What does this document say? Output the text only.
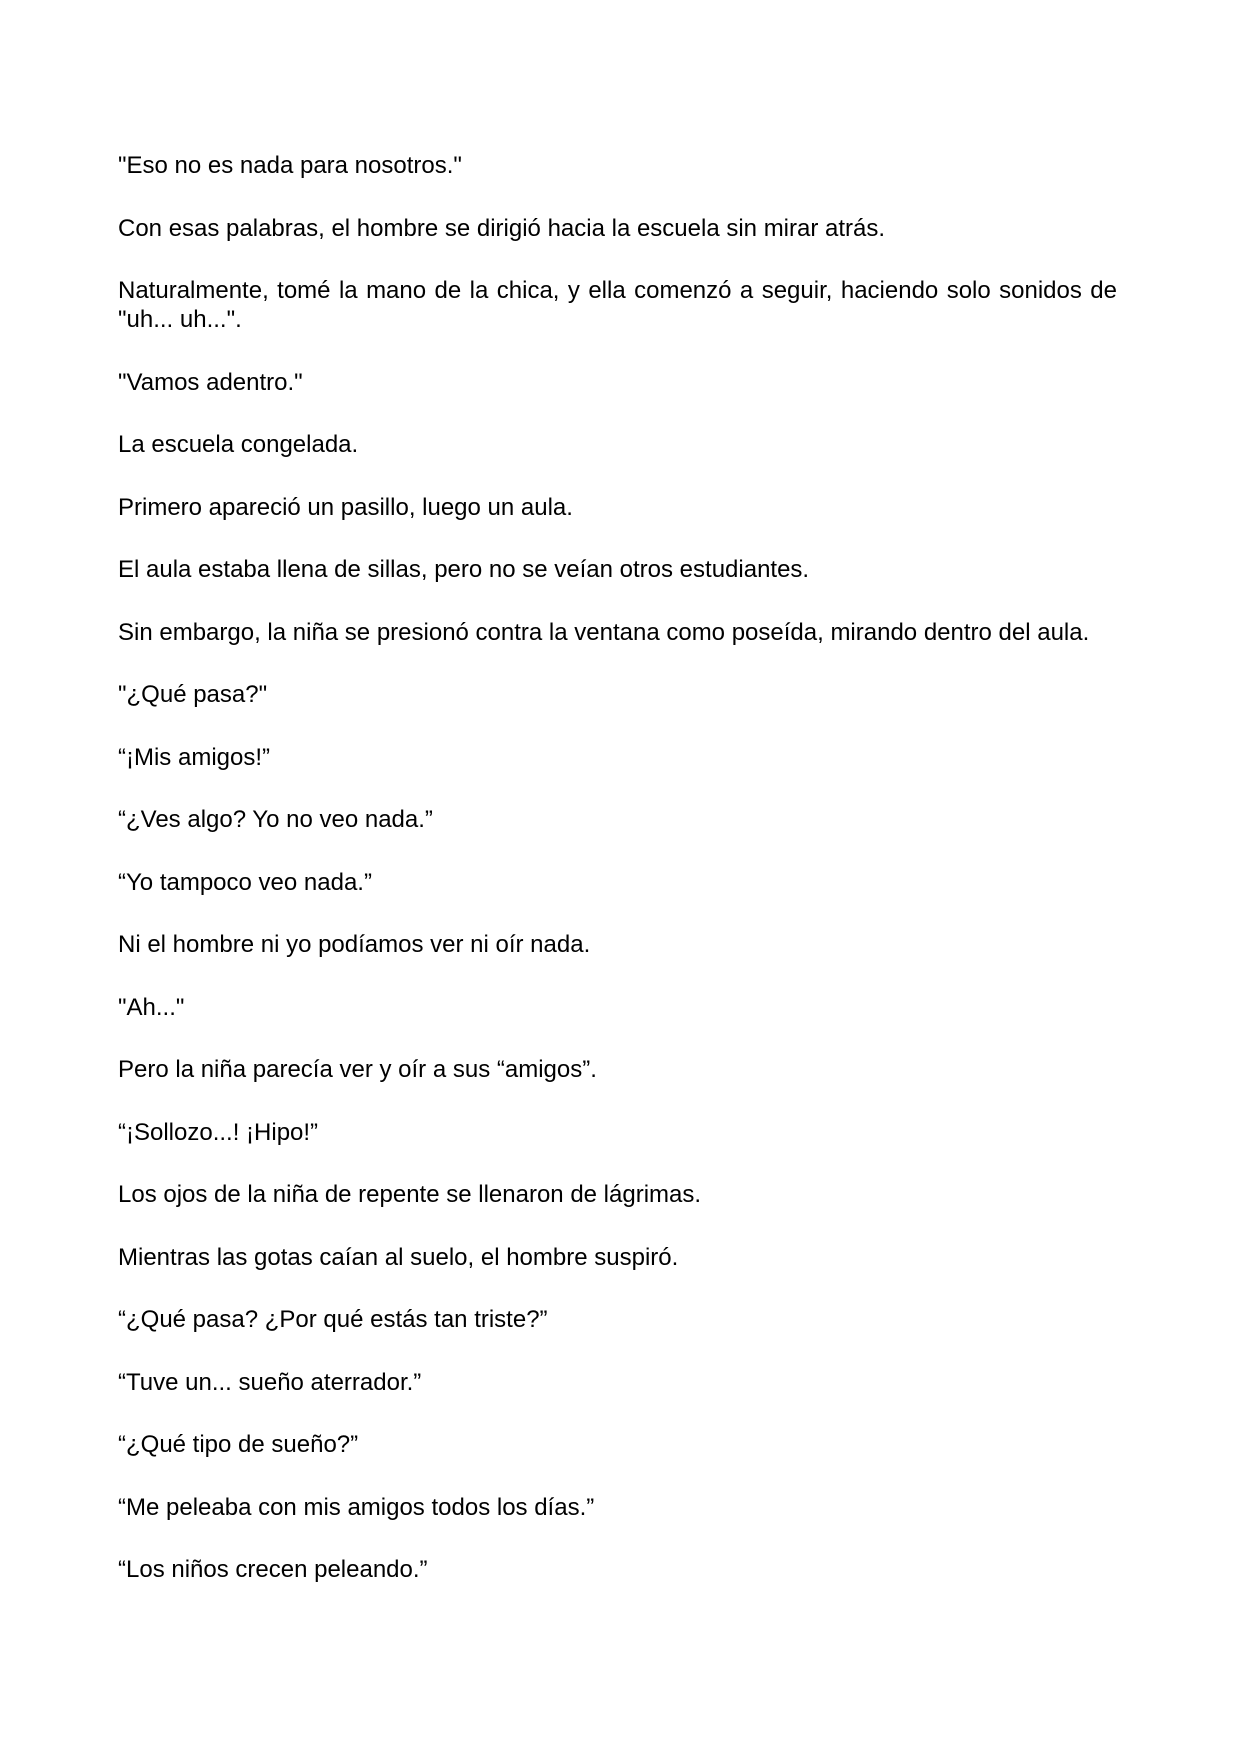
"Eso no es nada para nosotros."

Con esas palabras, el hombre se dirigió hacia la escuela sin mirar atrás.

Naturalmente, tomé la mano de la chica, y ella comenzó a seguir, haciendo solo sonidos de "uh... uh...".

"Vamos adentro."

La escuela congelada.

Primero apareció un pasillo, luego un aula.

El aula estaba llena de sillas, pero no se veían otros estudiantes.

Sin embargo, la niña se presionó contra la ventana como poseída, mirando dentro del aula.

"¿Qué pasa?"

“¡Mis amigos!”

“¿Ves algo? Yo no veo nada.”

“Yo tampoco veo nada.”

Ni el hombre ni yo podíamos ver ni oír nada.

"Ah..."

Pero la niña parecía ver y oír a sus “amigos”.

“¡Sollozo...! ¡Hipo!”

Los ojos de la niña de repente se llenaron de lágrimas.

Mientras las gotas caían al suelo, el hombre suspiró.

“¿Qué pasa? ¿Por qué estás tan triste?”

“Tuve un... sueño aterrador.”

“¿Qué tipo de sueño?”

“Me peleaba con mis amigos todos los días.”

“Los niños crecen peleando.”
